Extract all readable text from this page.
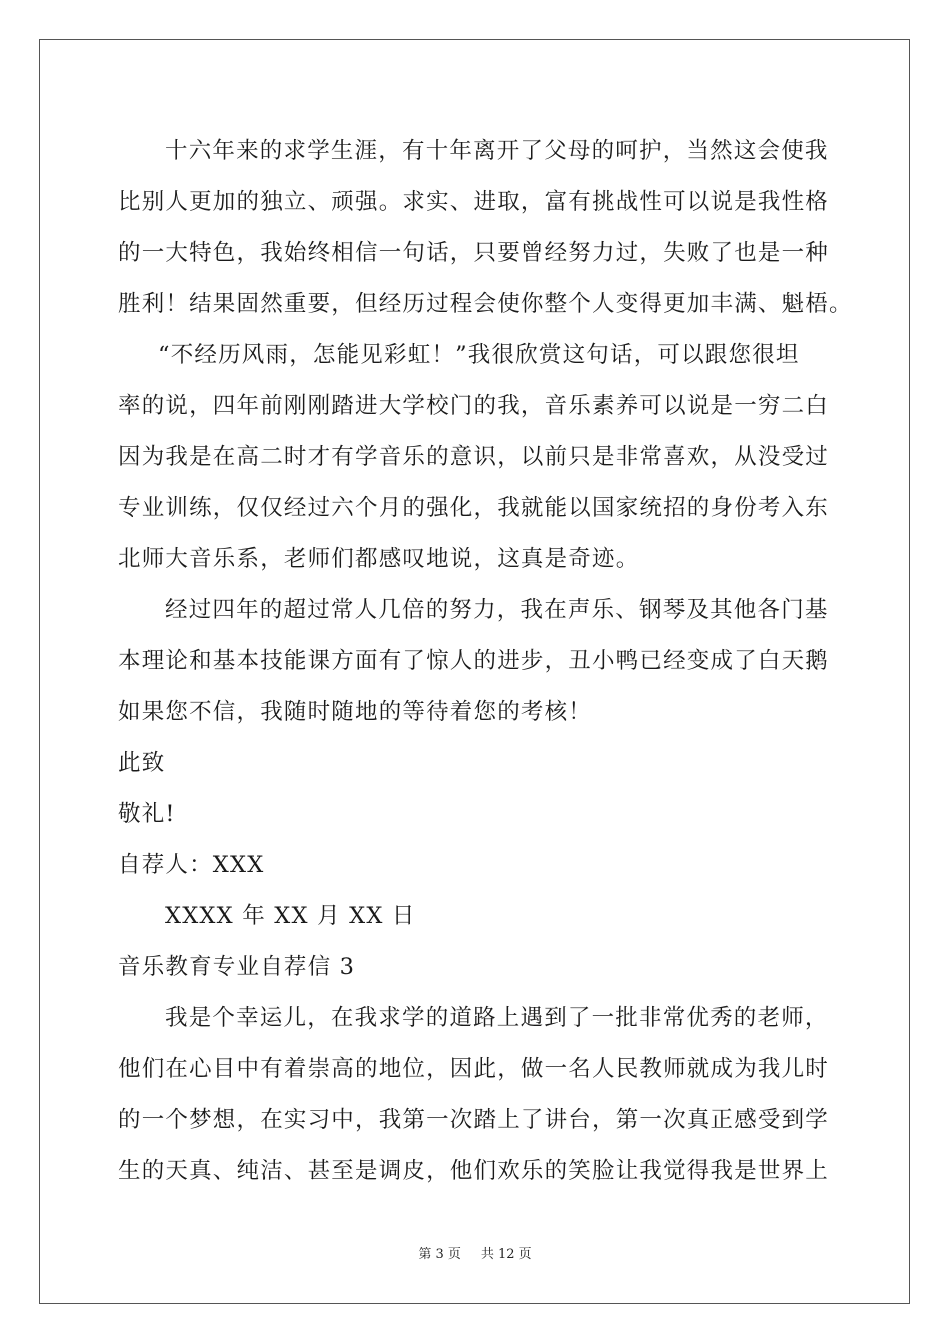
十六年来的求学生涯，有十年离开了父母的呵护，当然这会使我
比别人更加的独立、顽强。求实、进取，富有挑战性可以说是我性格
的一大特色，我始终相信一句话，只要曾经努力过，失败了也是一种
胜利！结果固然重要，但经历过程会使你整个人变得更加丰满、魁梧。
“不经历风雨，怎能见彩虹！”我很欣赏这句话，可以跟您很坦
率的说，四年前刚刚踏进大学校门的我，音乐素养可以说是一穷二白
因为我是在高二时才有学音乐的意识，以前只是非常喜欢，从没受过
专业训练，仅仅经过六个月的强化，我就能以国家统招的身份考入东
北师大音乐系，老师们都感叹地说，这真是奇迹。
经过四年的超过常人几倍的努力，我在声乐、钢琴及其他各门基
本理论和基本技能课方面有了惊人的进步，丑小鸭已经变成了白天鹅
如果您不信，我随时随地的等待着您的考核！
此致
敬礼!
自荐人：XXX
XXXX 年 XX 月 XX 日
音乐教育专业自荐信 3
我是个幸运儿，在我求学的道路上遇到了一批非常优秀的老师，
他们在心目中有着崇高的地位，因此，做一名人民教师就成为我儿时
的一个梦想，在实习中，我第一次踏上了讲台，第一次真正感受到学
生的天真、纯洁、甚至是调皮，他们欢乐的笑脸让我觉得我是世界上
第 3 页 共 12 页
